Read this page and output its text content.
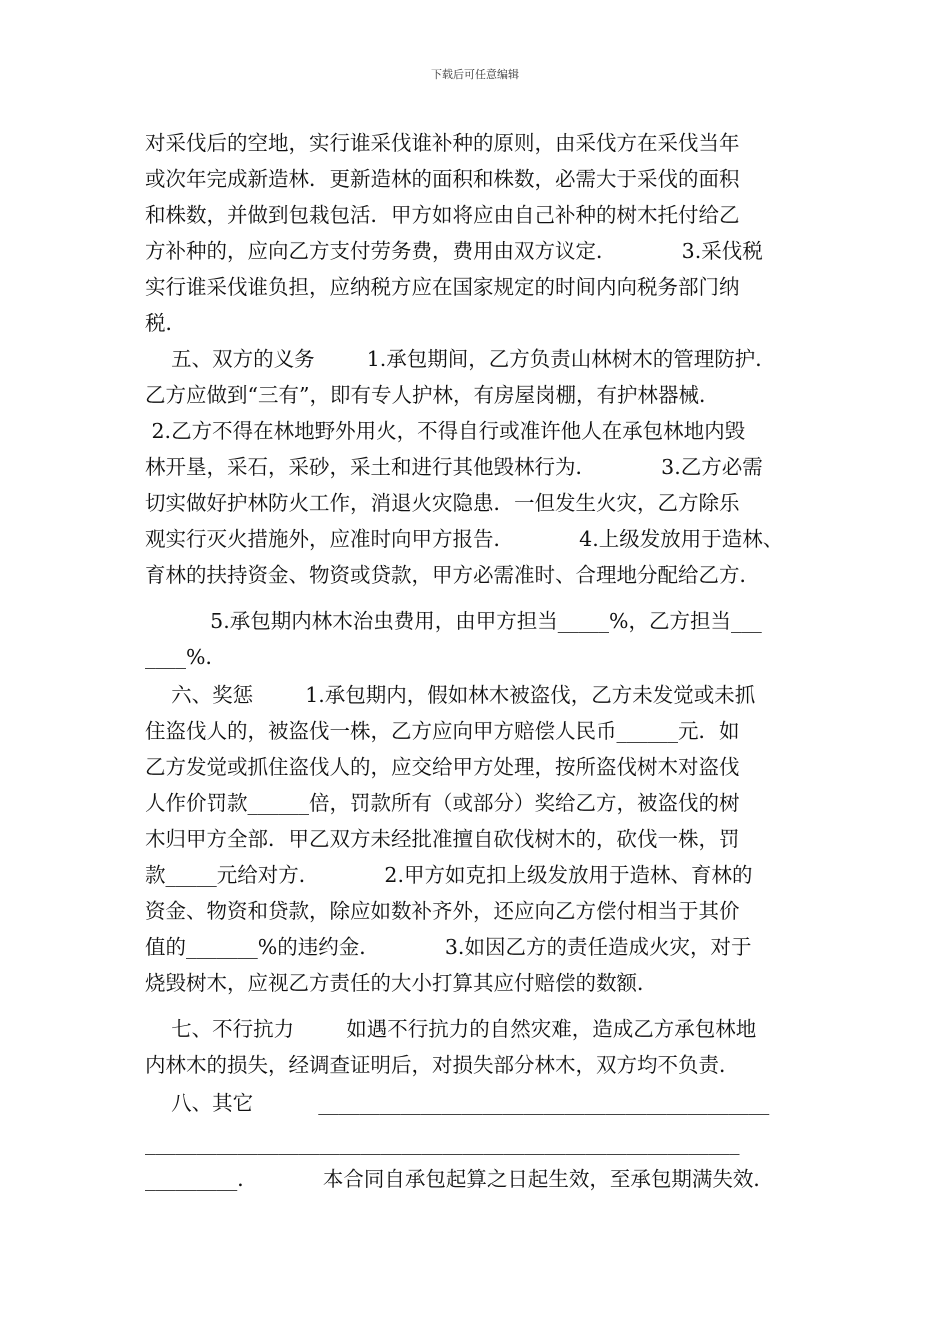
下载后可任意编辑
对采伐后的空地，实行谁采伐谁补种的原则，由采伐方在采伐当年
或次年完成新造林．更新造林的面积和株数，必需大于采伐的面积
和株数，并做到包栽包活．甲方如将应由自己补种的树木托付给乙
方补种的，应向乙方支付劳务费，费用由双方议定．          3.采伐税
实行谁采伐谁负担，应纳税方应在国家规定的时间内向税务部门纳
税．
五、双方的义务        1.承包期间，乙方负责山林树木的管理防护．
乙方应做到“三有”，即有专人护林，有房屋岗棚，有护林器械．
2.乙方不得在林地野外用火，不得自行或准许他人在承包林地内毁
林开垦，采石，采砂，采土和进行其他毁林行为．          3.乙方必需
切实做好护林防火工作，消退火灾隐患．一但发生火灾，乙方除乐
观实行灭火措施外，应准时向甲方报告．          4.上级发放用于造林、
育林的扶持资金、物资或贷款，甲方必需准时、合理地分配给乙方．
5.承包期内林木治虫费用，由甲方担当_____%，乙方担当___
____%．
六、奖惩        1.承包期内，假如林木被盗伐，乙方未发觉或未抓
住盗伐人的，被盗伐一株，乙方应向甲方赔偿人民币______元．如
乙方发觉或抓住盗伐人的，应交给甲方处理，按所盗伐树木对盗伐
人作价罚款______倍，罚款所有（或部分）奖给乙方，被盗伐的树
木归甲方全部．甲乙双方未经批准擅自砍伐树木的，砍伐一株，罚
款_____元给对方．          2.甲方如克扣上级发放用于造林、育林的
资金、物资和贷款，除应如数补齐外，还应向乙方偿付相当于其价
值的_______%的违约金．          3.如因乙方的责任造成火灾，对于
烧毁树木，应视乙方责任的大小打算其应付赔偿的数额．
七、不行抗力        如遇不行抗力的自然灾难，造成乙方承包林地
内林木的损失，经调查证明后，对损失部分林木，双方均不负责．
八、其它          ____________________________________________
__________________________________________________________
_________．          本合同自承包起算之日起生效，至承包期满失效．
